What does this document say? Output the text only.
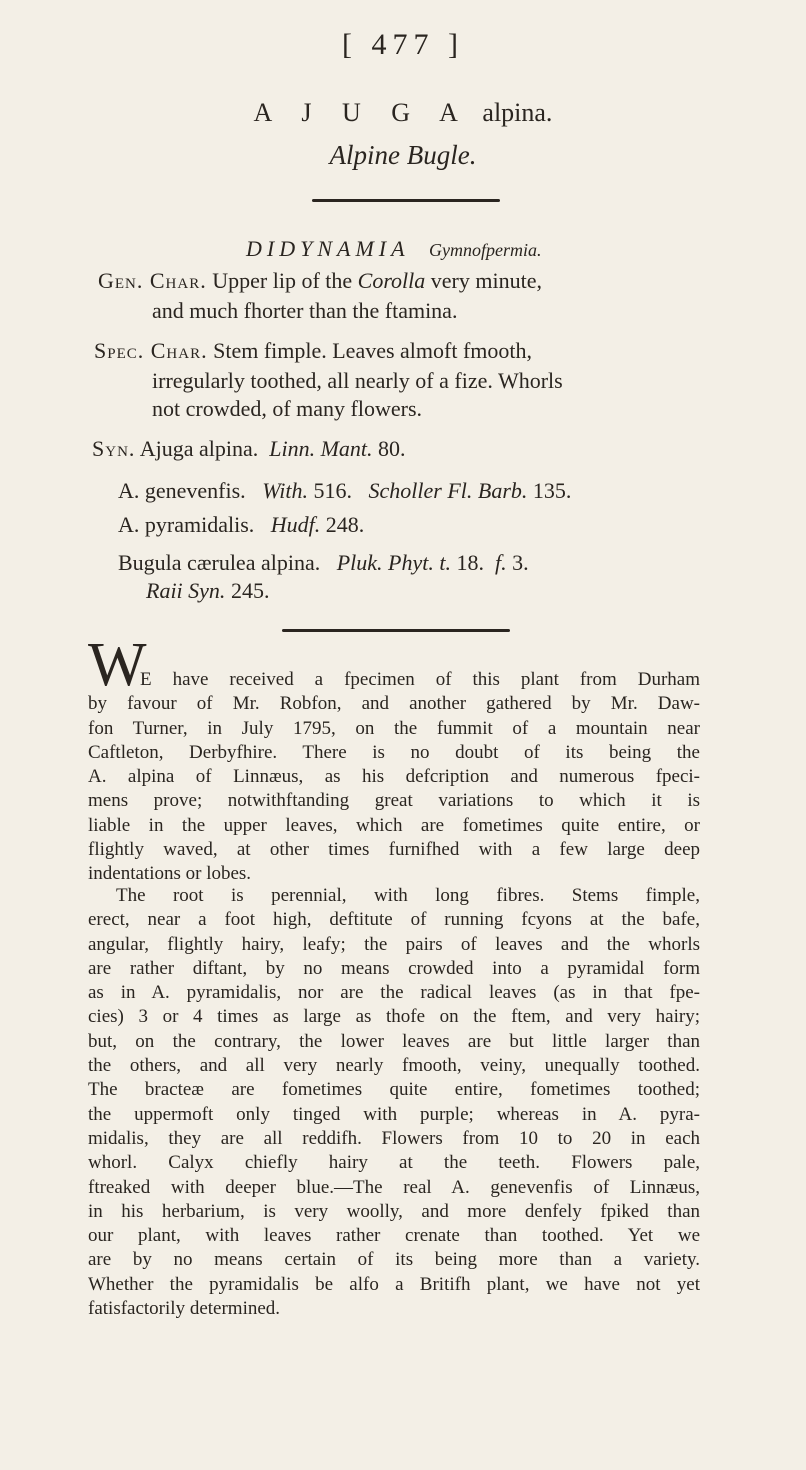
[ 477 ]
A J U G A alpina.
Alpine Bugle.
DIDYNAMIA Gymnofpermia.
Gen. Char. Upper lip of the Corolla very minute,
and much fhorter than the ftamina.
Spec. Char. Stem fimple. Leaves almoft fmooth,
irregularly toothed, all nearly of a fize. Whorls
not crowded, of many flowers.
Syn. Ajuga alpina. Linn. Mant. 80.
A. genevenfis. With. 516. Scholler Fl. Barb. 135.
A. pyramidalis. Hudf. 248.
Bugula cærulea alpina. Pluk. Phyt. t. 18. f. 3.
Raii Syn. 245.
W
E have received a fpecimen of this plant from Durham
by favour of Mr. Robfon, and another gathered by Mr. Daw-
fon Turner, in July 1795, on the fummit of a mountain near
Caftleton, Derbyfhire. There is no doubt of its being the
A. alpina of Linnæus, as his defcription and numerous fpeci-
mens prove; notwithftanding great variations to which it is
liable in the upper leaves, which are fometimes quite entire, or
flightly waved, at other times furnifhed with a few large deep
indentations or lobes.
The root is perennial, with long fibres. Stems fimple,
erect, near a foot high, deftitute of running fcyons at the bafe,
angular, flightly hairy, leafy; the pairs of leaves and the whorls
are rather diftant, by no means crowded into a pyramidal form
as in A. pyramidalis, nor are the radical leaves (as in that fpe-
cies) 3 or 4 times as large as thofe on the ftem, and very hairy;
but, on the contrary, the lower leaves are but little larger than
the others, and all very nearly fmooth, veiny, unequally toothed.
The bracteæ are fometimes quite entire, fometimes toothed;
the uppermoft only tinged with purple; whereas in A. pyra-
midalis, they are all reddifh. Flowers from 10 to 20 in each
whorl. Calyx chiefly hairy at the teeth. Flowers pale,
ftreaked with deeper blue.—The real A. genevenfis of Linnæus,
in his herbarium, is very woolly, and more denfely fpiked than
our plant, with leaves rather crenate than toothed. Yet we
are by no means certain of its being more than a variety.
Whether the pyramidalis be alfo a Britifh plant, we have not yet
fatisfactorily determined.
